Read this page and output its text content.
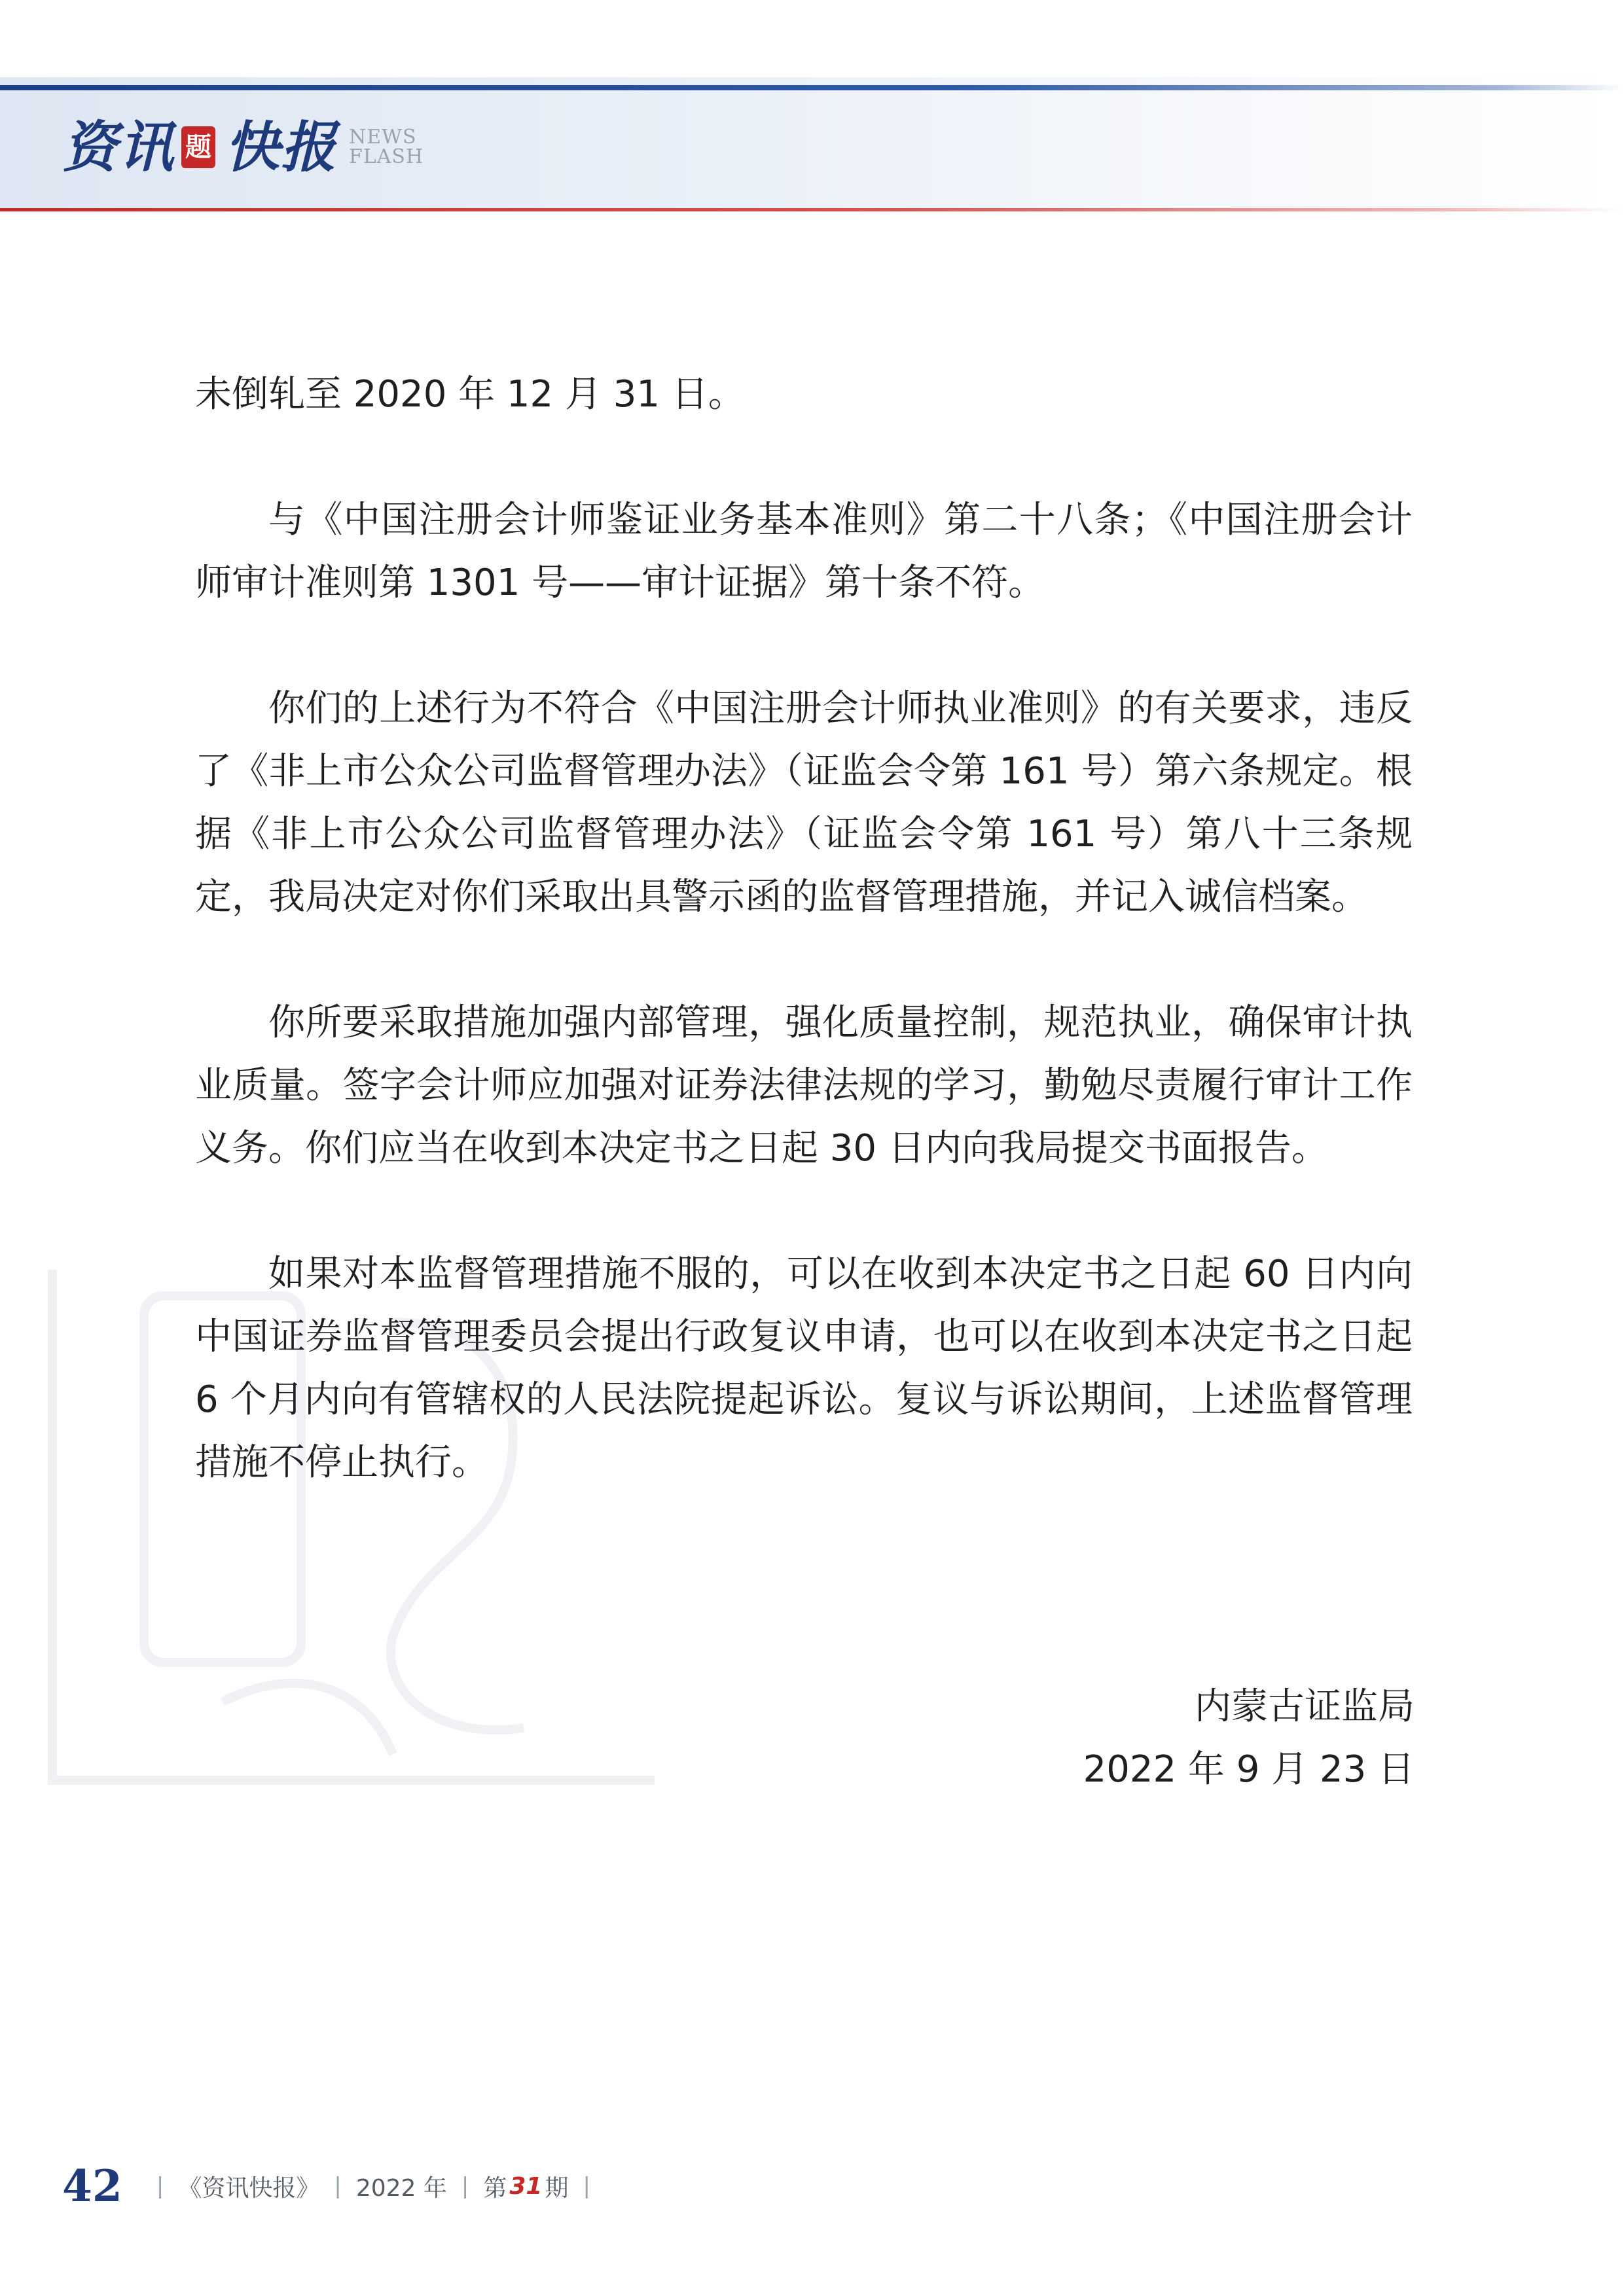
资讯 题 快报 NEWS
FLASH

未倒轧至 2020 年 12 月 31 日。

与《中国注册会计师鉴证业务基本准则》第二十八条；《中国注册会计师审计准则第 1301 号——审计证据》第十条不符。

你们的上述行为不符合《中国注册会计师执业准则》的有关要求，违反了《非上市公众公司监督管理办法》（证监会令第 161 号）第六条规定。根据《非上市公众公司监督管理办法》（证监会令第 161 号）第八十三条规定，我局决定对你们采取出具警示函的监督管理措施，并记入诚信档案。

你所要采取措施加强内部管理，强化质量控制，规范执业，确保审计执业质量。签字会计师应加强对证券法律法规的学习，勤勉尽责履行审计工作义务。你们应当在收到本决定书之日起 30 日内向我局提交书面报告。

如果对本监督管理措施不服的，可以在收到本决定书之日起 60 日内向中国证券监督管理委员会提出行政复议申请，也可以在收到本决定书之日起 6 个月内向有管辖权的人民法院提起诉讼。复议与诉讼期间，上述监督管理措施不停止执行。

内蒙古证监局
2022 年 9 月 23 日
42 | 《资讯快报》 | 2022 年 | 第 31 期 |
